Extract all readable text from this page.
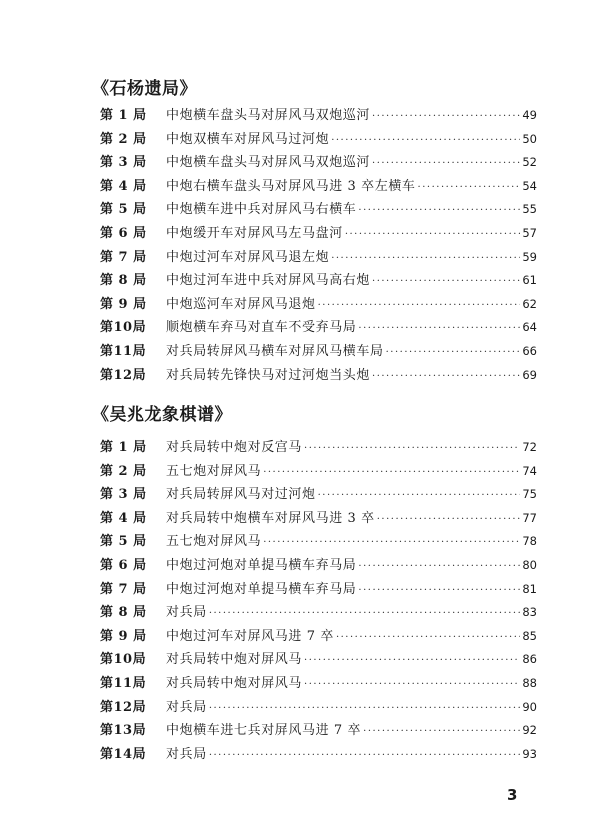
《石杨遗局》
第 1 局	中炮横车盘头马对屏风马双炮巡河 ·····	49
第 2 局	中炮双横车对屏风马过河炮 ·····	50
第 3 局	中炮横车盘头马对屏风马双炮巡河 ·····	52
第 4 局	中炮右横车盘头马对屏风马进 3 卒左横车 ·····	54
第 5 局	中炮横车进中兵对屏风马右横车 ·····	55
第 6 局	中炮缓开车对屏风马左马盘河 ·····	57
第 7 局	中炮过河车对屏风马退左炮 ·····	59
第 8 局	中炮过河车进中兵对屏风马高右炮 ·····	61
第 9 局	中炮巡河车对屏风马退炮 ·····	62
第10局	顺炮横车弃马对直车不受弃马局 ·····	64
第11局	对兵局转屏风马横车对屏风马横车局 ·····	66
第12局	对兵局转先锋快马对过河炮当头炮 ·····	69
《吴兆龙象棋谱》
第 1 局	对兵局转中炮对反宫马 ·····	72
第 2 局	五七炮对屏风马 ·····	74
第 3 局	对兵局转屏风马对过河炮 ·····	75
第 4 局	对兵局转中炮横车对屏风马进 3 卒 ·····	77
第 5 局	五七炮对屏风马 ·····	78
第 6 局	中炮过河炮对单提马横车弃马局 ·····	80
第 7 局	中炮过河炮对单提马横车弃马局 ·····	81
第 8 局	对兵局 ·····	83
第 9 局	中炮过河车对屏风马进 7 卒 ·····	85
第10局	对兵局转中炮对屏风马 ·····	86
第11局	对兵局转中炮对屏风马 ·····	88
第12局	对兵局 ·····	90
第13局	中炮横车进七兵对屏风马进 7 卒 ·····	92
第14局	对兵局 ·····	93
3
